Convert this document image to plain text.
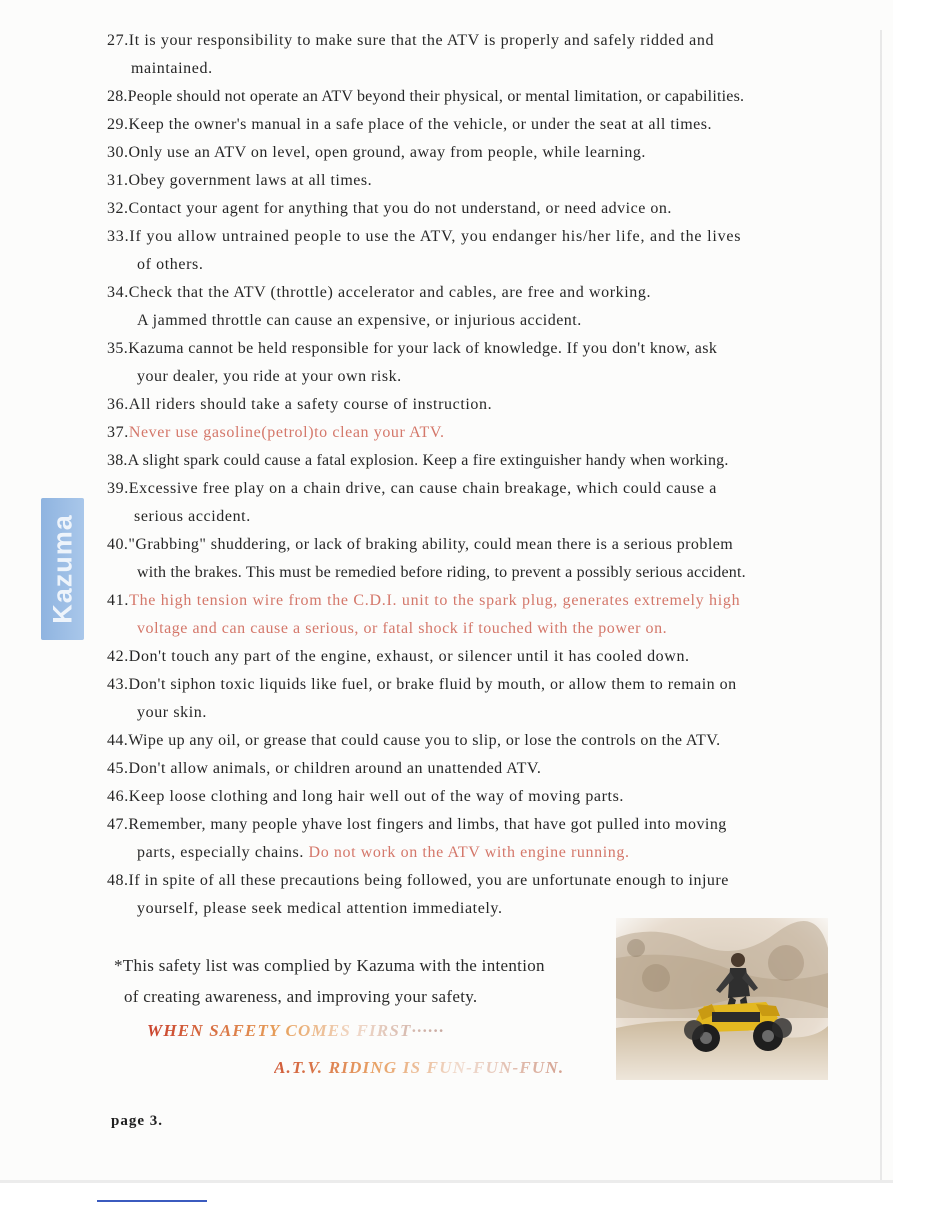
Kazuma
27.It is your responsibility to make sure that the ATV is properly and safely ridded and
maintained.
28.People should not operate an ATV beyond their physical, or mental limitation, or capabilities.
29.Keep the owner's manual in a safe place of the vehicle, or under the seat at all times.
30.Only use an ATV on level, open ground, away from people, while learning.
31.Obey government laws at all times.
32.Contact your agent for anything that you do not understand, or need advice on.
33.If you allow untrained people to use the ATV, you endanger his/her life, and the lives
of others.
34.Check that the ATV (throttle) accelerator and cables, are free and working.
A jammed throttle can cause an expensive, or injurious accident.
35.Kazuma cannot be held responsible for your lack of knowledge. If you don't know, ask
your dealer, you ride at your own risk.
36.All riders should take a safety course of instruction.
37.Never use gasoline(petrol)to clean your ATV.
38.A slight spark could cause a fatal explosion. Keep a fire extinguisher handy when working.
39.Excessive free play on a chain drive, can cause chain breakage, which could cause a
serious accident.
40."Grabbing" shuddering, or lack of braking ability, could mean there is a serious problem
with the brakes. This must be remedied before riding, to prevent a possibly serious accident.
41.The high tension wire from the C.D.I. unit to the spark plug, generates extremely high
voltage and can cause a serious, or fatal shock if touched with the power on.
42.Don't touch any part of the engine, exhaust, or silencer until it has cooled down.
43.Don't siphon toxic liquids like fuel, or brake fluid by mouth, or allow them to remain on
your skin.
44.Wipe up any oil, or grease that could cause you to slip, or lose the controls on the ATV.
45.Don't allow animals, or children around an unattended ATV.
46.Keep loose clothing and long hair well out of the way of moving parts.
47.Remember, many people yhave lost fingers and limbs, that have got pulled into moving
parts, especially chains. Do not work on the ATV with engine running.
48.If in spite of all these precautions being followed, you are unfortunate enough to injure
yourself, please seek medical attention immediately.
*This safety list was complied by Kazuma with the intention
of creating awareness, and improving your safety.
WHEN SAFETY COMES FIRST······
A.T.V. RIDING IS FUN-FUN-FUN.
page 3.
